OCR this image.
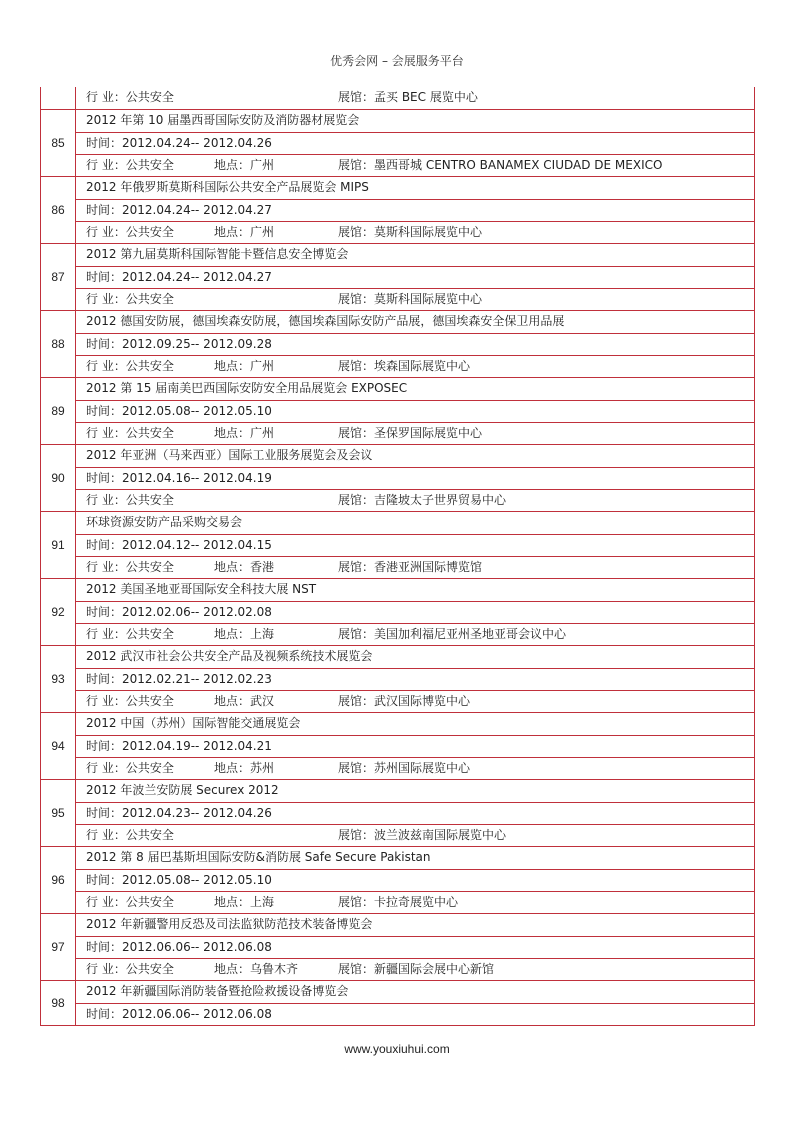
优秀会网 – 会展服务平台
行 业：公共安全	展馆：孟买 BEC 展览中心
85
2012 年第 10 届墨西哥国际安防及消防器材展览会
时间：2012.04.24-- 2012.04.26
行 业：公共安全	地点：广州	展馆：墨西哥城 CENTRO BANAMEX CIUDAD DE MEXICO
86
2012 年俄罗斯莫斯科国际公共安全产品展览会 MIPS
时间：2012.04.24-- 2012.04.27
行 业：公共安全	地点：广州	展馆：莫斯科国际展览中心
87
2012 第九届莫斯科国际智能卡暨信息安全博览会
时间：2012.04.24-- 2012.04.27
行 业：公共安全	展馆：莫斯科国际展览中心
88
2012 德国安防展，德国埃森安防展，德国埃森国际安防产品展，德国埃森安全保卫用品展
时间：2012.09.25-- 2012.09.28
行 业：公共安全	地点：广州	展馆：埃森国际展览中心
89
2012 第 15 届南美巴西国际安防安全用品展览会 EXPOSEC
时间：2012.05.08-- 2012.05.10
行 业：公共安全	地点：广州	展馆：圣保罗国际展览中心
90
2012 年亚洲（马来西亚）国际工业服务展览会及会议
时间：2012.04.16-- 2012.04.19
行 业：公共安全	展馆：吉隆坡太子世界贸易中心
91
环球资源安防产品采购交易会
时间：2012.04.12-- 2012.04.15
行 业：公共安全	地点：香港	展馆：香港亚洲国际博览馆
92
2012 美国圣地亚哥国际安全科技大展 NST
时间：2012.02.06-- 2012.02.08
行 业：公共安全	地点：上海	展馆：美国加利福尼亚州圣地亚哥会议中心
93
2012 武汉市社会公共安全产品及视频系统技术展览会
时间：2012.02.21-- 2012.02.23
行 业：公共安全	地点：武汉	展馆：武汉国际博览中心
94
2012 中国（苏州）国际智能交通展览会
时间：2012.04.19-- 2012.04.21
行 业：公共安全	地点：苏州	展馆：苏州国际展览中心
95
2012 年波兰安防展 Securex 2012
时间：2012.04.23-- 2012.04.26
行 业：公共安全	展馆：波兰波兹南国际展览中心
96
2012 第 8 届巴基斯坦国际安防&消防展 Safe Secure Pakistan
时间：2012.05.08-- 2012.05.10
行 业：公共安全	地点：上海	展馆：卡拉奇展览中心
97
2012 年新疆警用反恐及司法监狱防范技术装备博览会
时间：2012.06.06-- 2012.06.08
行 业：公共安全	地点：乌鲁木齐	展馆：新疆国际会展中心新馆
98
2012 年新疆国际消防装备暨抢险救援设备博览会
时间：2012.06.06-- 2012.06.08
www.youxiuhui.com
